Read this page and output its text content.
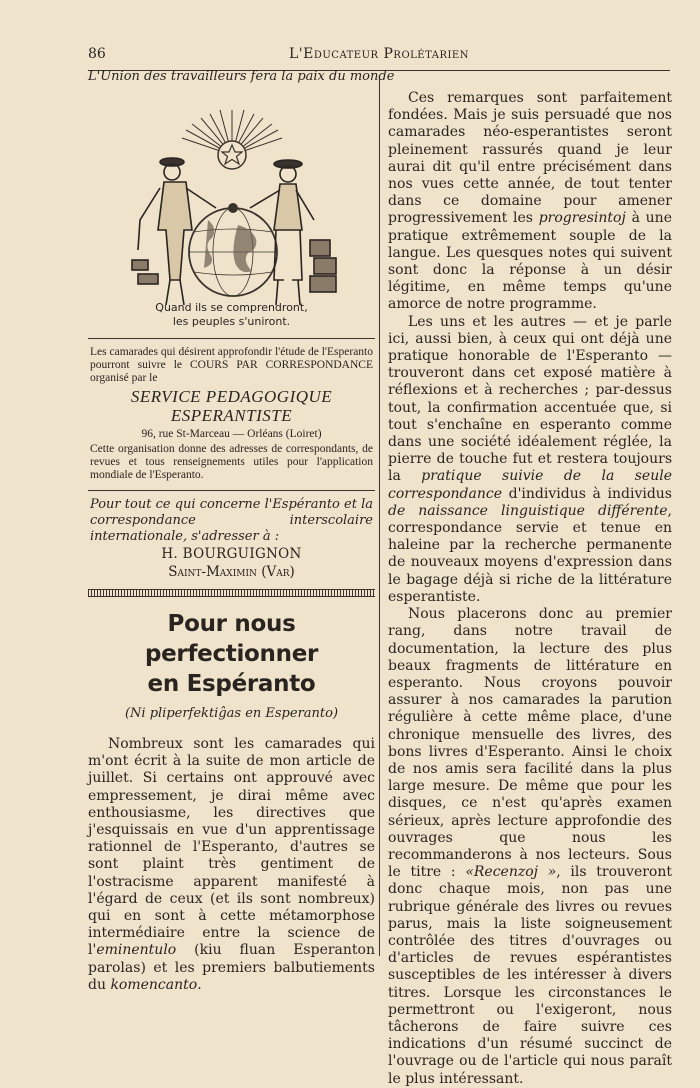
86	L'Educateur Prolétarien
L'Union des travailleurs fera la paix du monde
Quand ils se comprendront,
les peuples s'uniront.
Les camarades qui désirent approfondir l'étude de l'Esperanto pourront suivre le COURS PAR CORRESPONDANCE organisé par le
SERVICE PEDAGOGIQUE
ESPERANTISTE
96, rue St-Marceau — Orléans (Loiret)
Cette organisation donne des adresses de correspondants, de revues et tous renseignements utiles pour l'application mondiale de l'Esperanto.
Pour tout ce qui concerne l'Espéranto et la correspondance interscolaire internationale, s'adresser à :
H. BOURGUIGNON
Saint-Maximin (Var)
Pour nous perfectionner
en Espéranto
(Ni pliperfektiĝas en Esperanto)

Nombreux sont les camarades qui m'ont écrit à la suite de mon article de juillet. Si certains ont approuvé avec empressement, je dirai même avec enthousiasme, les directives que j'esquissais en vue d'un apprentissage rationnel de l'Esperanto, d'autres se sont plaint très gentiment de l'ostracisme apparent manifesté à l'égard de ceux (et ils sont nombreux) qui en sont à cette métamorphose intermédiaire entre la science de l'eminentulo (kiu fluan Esperanton parolas) et les premiers balbutiements du komencanto.

Ces remarques sont parfaitement fondées. Mais je suis persuadé que nos camarades néo-esperantistes seront pleinement rassurés quand je leur aurai dit qu'il entre précisément dans nos vues cette année, de tout tenter dans ce domaine pour amener progressivement les progresintoj à une pratique extrêmement souple de la langue. Les quesques notes qui suivent sont donc la réponse à un désir légitime, en même temps qu'une amorce de notre programme.

Les uns et les autres — et je parle ici, aussi bien, à ceux qui ont déjà une pratique honorable de l'Esperanto — trouveront dans cet exposé matière à réflexions et à recherches ; par-dessus tout, la confirmation accentuée que, si tout s'enchaîne en esperanto comme dans une société idéalement réglée, la pierre de touche fut et restera toujours la pratique suivie de la seule correspondance d'individus à individus de naissance linguistique différente, correspondance servie et tenue en haleine par la recherche permanente de nouveaux moyens d'expression dans le bagage déjà si riche de la littérature esperantiste.

Nous placerons donc au premier rang, dans notre travail de documentation, la lecture des plus beaux fragments de littérature en esperanto. Nous croyons pouvoir assurer à nos camarades la parution régulière à cette même place, d'une chronique mensuelle des livres, des bons livres d'Esperanto. Ainsi le choix de nos amis sera facilité dans la plus large mesure. De même que pour les disques, ce n'est qu'après examen sérieux, après lecture approfondie des ouvrages que nous les recommanderons à nos lecteurs. Sous le titre : «Recenzoj », ils trouveront donc chaque mois, non pas une rubrique générale des livres ou revues parus, mais la liste soigneusement contrôlée des titres d'ouvrages ou d'articles de revues espérantistes susceptibles de les intéresser à divers titres. Lorsque les circonstances le permettront ou l'exigeront, nous tâcherons de faire suivre ces indications d'un résumé succinct de l'ouvrage ou de l'article qui nous paraît le plus intéressant.
